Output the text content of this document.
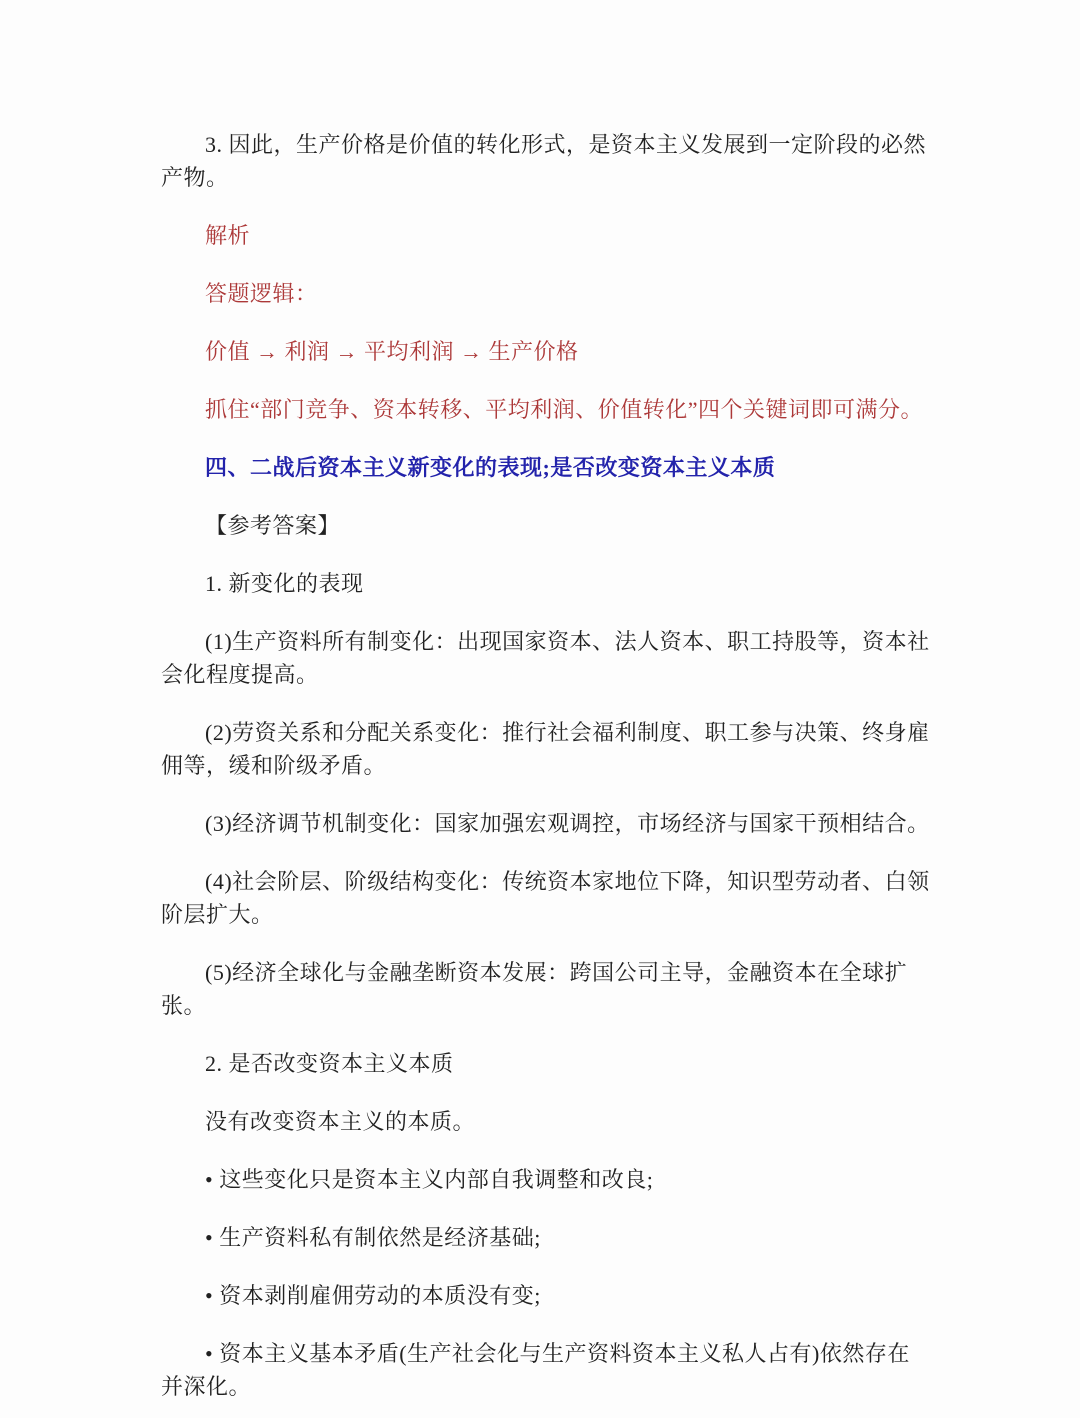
3. 因此，生产价格是价值的转化形式，是资本主义发展到一定阶段的必然产物。

解析

答题逻辑：

价值 → 利润 → 平均利润 → 生产价格

抓住“部门竞争、资本转移、平均利润、价值转化”四个关键词即可满分。

四、二战后资本主义新变化的表现;是否改变资本主义本质

【参考答案】

1. 新变化的表现

(1)生产资料所有制变化：出现国家资本、法人资本、职工持股等，资本社会化程度提高。

(2)劳资关系和分配关系变化：推行社会福利制度、职工参与决策、终身雇佣等，缓和阶级矛盾。

(3)经济调节机制变化：国家加强宏观调控，市场经济与国家干预相结合。

(4)社会阶层、阶级结构变化：传统资本家地位下降，知识型劳动者、白领阶层扩大。

(5)经济全球化与金融垄断资本发展：跨国公司主导，金融资本在全球扩张。

2. 是否改变资本主义本质

没有改变资本主义的本质。

• 这些变化只是资本主义内部自我调整和改良;

• 生产资料私有制依然是经济基础;

• 资本剥削雇佣劳动的本质没有变;

• 资本主义基本矛盾(生产社会化与生产资料资本主义私人占有)依然存在并深化。
